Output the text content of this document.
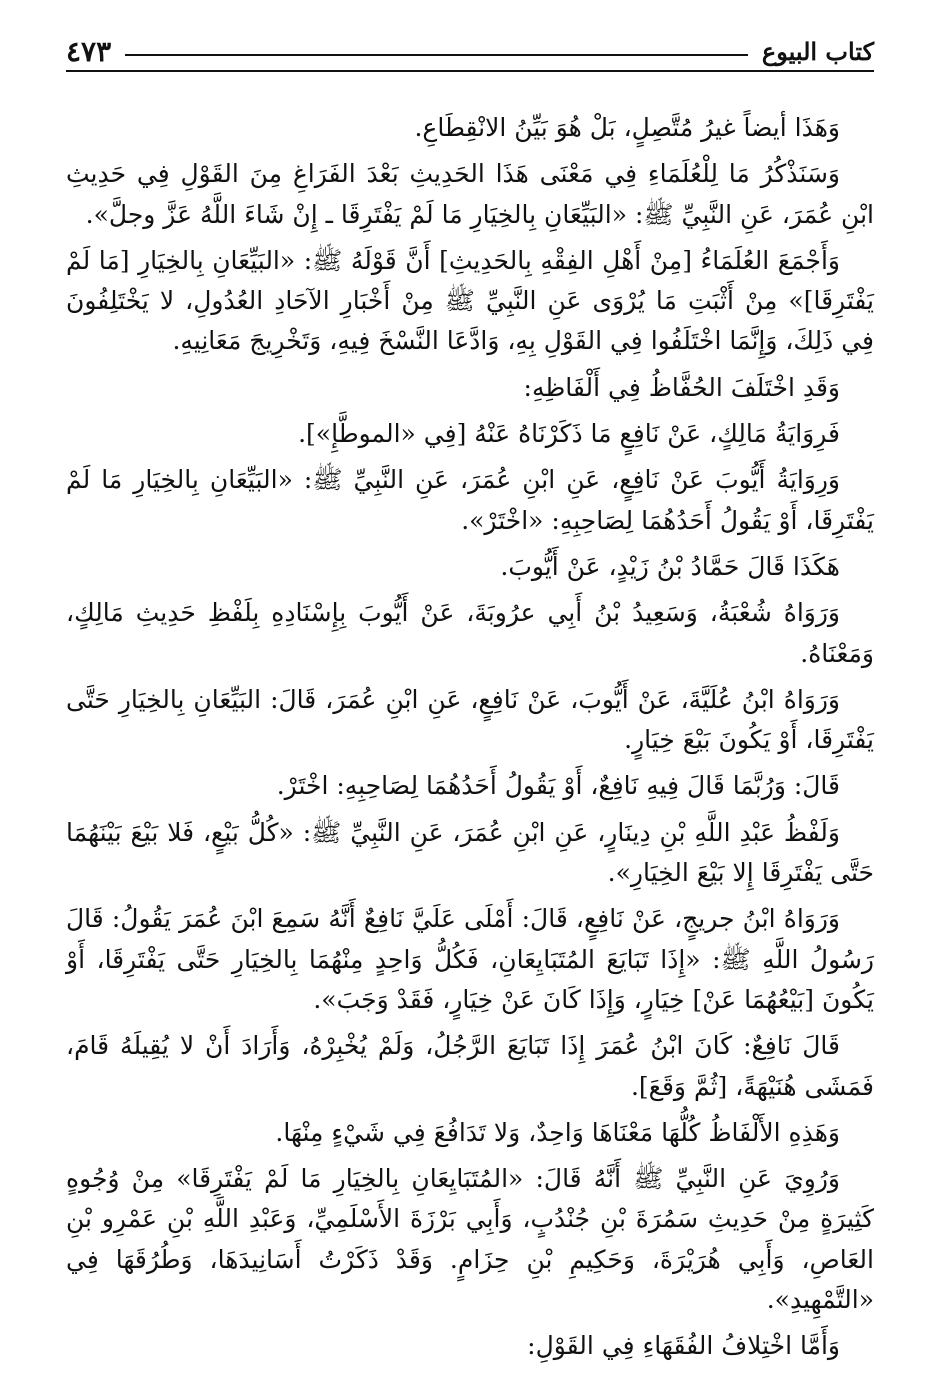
كتاب البيوع
٤٧٣

وَهَذَا أيضاً غيرُ مُتَّصِلٍ، بَلْ هُوَ بَيِّنُ الانْقِطَاعِ.

وَسَنَذْكُرُ مَا لِلْعُلَمَاءِ فِي مَعْنَى هَذَا الحَدِيثِ بَعْدَ الفَرَاغِ مِنَ القَوْلِ فِي حَدِيثِ ابْنِ عُمَرَ، عَنِ النَّبِيِّ ﷺ: «البَيِّعَانِ بِالخِيَارِ مَا لَمْ يَفْتَرِقَا ـ إِنْ شَاءَ اللَّهُ عَزَّ وجلَّ».

وَأَجْمَعَ العُلَمَاءُ [مِنْ أَهْلِ الفِقْهِ بِالحَدِيثِ] أَنَّ قَوْلَهُ ﷺ: «البَيِّعَانِ بِالخِيَارِ [مَا لَمْ يَفْتَرِقَا]» مِنْ أَثْبَتِ مَا يُرْوَى عَنِ النَّبِيِّ ﷺ مِنْ أَخْبَارِ الآحَادِ العُدُولِ، لا يَخْتَلِفُونَ فِي ذَلِكَ، وَإِنَّمَا اخْتَلَفُوا فِي القَوْلِ بِهِ، وَادَّعَا النَّسْخَ فِيهِ، وَتَخْرِيجَ مَعَانِيهِ.

وَقَدِ اخْتَلَفَ الحُفَّاظُ فِي أَلْفَاظِهِ:

فَرِوَايَةُ مَالِكٍ، عَنْ نَافِعٍ مَا ذَكَرْنَاهُ عَنْهُ [فِي «الموطَّإِ»].

وَرِوَايَةُ أَيُّوبَ عَنْ نَافِعٍ، عَنِ ابْنِ عُمَرَ، عَنِ النَّبِيِّ ﷺ: «البَيِّعَانِ بِالخِيَارِ مَا لَمْ يَفْتَرِقَا، أَوْ يَقُولُ أَحَدُهُمَا لِصَاحِبِهِ: «اخْتَرْ».

هَكَذَا قَالَ حَمَّادُ بْنُ زَيْدٍ، عَنْ أَيُّوبَ.

وَرَوَاهُ شُعْبَةُ، وَسَعِيدُ بْنُ أَبِي عرُوبَةَ، عَنْ أَيُّوبَ بِإِسْنَادِهِ بِلَفْظِ حَدِيثِ مَالِكٍ، وَمَعْنَاهُ.

وَرَوَاهُ ابْنُ عُلَيَّةَ، عَنْ أَيُّوبَ، عَنْ نَافِعٍ، عَنِ ابْنِ عُمَرَ، قَالَ: البَيِّعَانِ بِالخِيَارِ حَتَّى يَفْتَرِقَا، أَوْ يَكُونَ بَيْعَ خِيَارٍ.

قَالَ: وَرُبَّمَا قَالَ فِيهِ نَافِعٌ، أَوْ يَقُولُ أَحَدُهُمَا لِصَاحِبِهِ: اخْتَرْ.

وَلَفْظُ عَبْدِ اللَّهِ بْنِ دِينَارٍ، عَنِ ابْنِ عُمَرَ، عَنِ النَّبِيِّ ﷺ: «كُلُّ بَيْعٍ، فَلا بَيْعَ بَيْنَهُمَا حَتَّى يَفْتَرِقَا إِلا بَيْعَ الخِيَارِ».

وَرَوَاهُ ابْنُ جريجٍ، عَنْ نَافِعٍ، قَالَ: أَمْلَى عَلَيَّ نَافِعٌ أَنَّهُ سَمِعَ ابْنَ عُمَرَ يَقُولُ: قَالَ رَسُولُ اللَّهِ ﷺ: «إِذَا تَبَايَعَ المُتَبَايِعَانِ، فَكُلُّ وَاحِدٍ مِنْهُمَا بِالخِيَارِ حَتَّى يَفْتَرِقَا، أَوْ يَكُونَ [بَيْعُهُمَا عَنْ] خِيَارٍ، وَإِذَا كَانَ عَنْ خِيَارٍ، فَقَدْ وَجَبَ».

قَالَ نَافِعٌ: كَانَ ابْنُ عُمَرَ إِذَا تَبَايَعَ الرَّجُلُ، وَلَمْ يُخْبِرْهُ، وَأَرَادَ أَنْ لا يُقِيلَهُ قَامَ، فَمَشَى هُنَيْهَةً، [ثُمَّ وَقَعَ].

وَهَذِهِ الأَلْفَاظُ كُلُّهَا مَعْنَاهَا وَاحِدٌ، وَلا تَدَافُعَ فِي شَيْءٍ مِنْهَا.

وَرُوِيَ عَنِ النَّبِيِّ ﷺ أَنَّهُ قَالَ: «المُتَبَايِعَانِ بِالخِيَارِ مَا لَمْ يَفْتَرِقَا» مِنْ وُجُوهٍ كَثِيرَةٍ مِنْ حَدِيثِ سَمُرَةَ بْنِ جُنْدُبٍ، وَأَبِي بَرْزَةَ الأَسْلَمِيِّ، وَعَبْدِ اللَّهِ بْنِ عَمْرِو بْنِ العَاصِ، وَأَبِي هُرَيْرَةَ، وَحَكِيمِ بْنِ حِزَامٍ. وَقَدْ ذَكَرْتُ أَسَانِيدَهَا، وَطُرُقَهَا فِي «التَّمْهِيدِ».

وَأَمَّا اخْتِلافُ الفُقَهَاءِ فِي القَوْلِ:
